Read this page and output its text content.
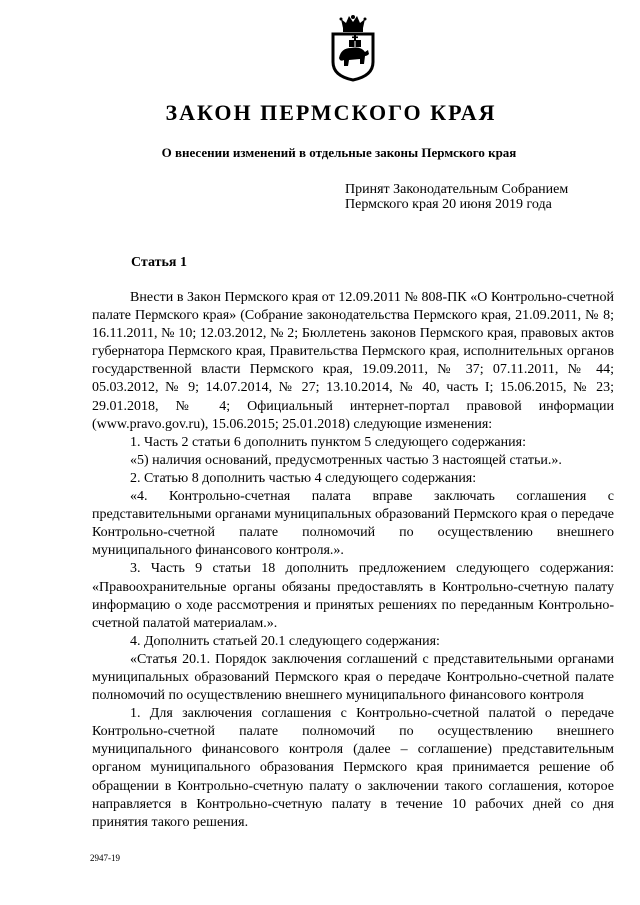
ЗАКОН ПЕРМСКОГО КРАЯ
О внесении изменений в отдельные законы Пермского края
Принят Законодательным Собранием
Пермского края 20 июня 2019 года
Статья 1

Внести в Закон Пермского края от 12.09.2011 № 808-ПК «О Контрольно-счетной палате Пермского края» (Собрание законодательства Пермского края, 21.09.2011, № 8; 16.11.2011, № 10; 12.03.2012, № 2; Бюллетень законов Пермского края, правовых актов губернатора Пермского края, Правительства Пермского края, исполнительных органов государственной власти Пермского края, 19.09.2011, № 37; 07.11.2011, № 44; 05.03.2012, № 9; 14.07.2014, № 27; 13.10.2014, № 40, часть I; 15.06.2015, № 23; 29.01.2018, № 4; Официальный интернет-портал правовой информации (www.pravo.gov.ru), 15.06.2015; 25.01.2018) следующие изменения:

1. Часть 2 статьи 6 дополнить пунктом 5 следующего содержания:

«5) наличия оснований, предусмотренных частью 3 настоящей статьи.».

2. Статью 8 дополнить частью 4 следующего содержания:

«4. Контрольно-счетная палата вправе заключать соглашения с представительными органами муниципальных образований Пермского края о передаче Контрольно-счетной палате полномочий по осуществлению внешнего муниципального финансового контроля.».

3. Часть 9 статьи 18 дополнить предложением следующего содержания: «Правоохранительные органы обязаны предоставлять в Контрольно-счетную палату информацию о ходе рассмотрения и принятых решениях по переданным Контрольно-счетной палатой материалам.».

4. Дополнить статьей 20.1 следующего содержания:

«Статья 20.1. Порядок заключения соглашений с представительными органами муниципальных образований Пермского края о передаче Контрольно-счетной палате полномочий по осуществлению внешнего муниципального финансового контроля

1. Для заключения соглашения с Контрольно-счетной палатой о передаче Контрольно-счетной палате полномочий по осуществлению внешнего муниципального финансового контроля (далее – соглашение) представительным органом муниципального образования Пермского края принимается решение об обращении в Контрольно-счетную палату о заключении такого соглашения, которое направляется в Контрольно-счетную палату в течение 10 рабочих дней со дня принятия такого решения.

2947-19
